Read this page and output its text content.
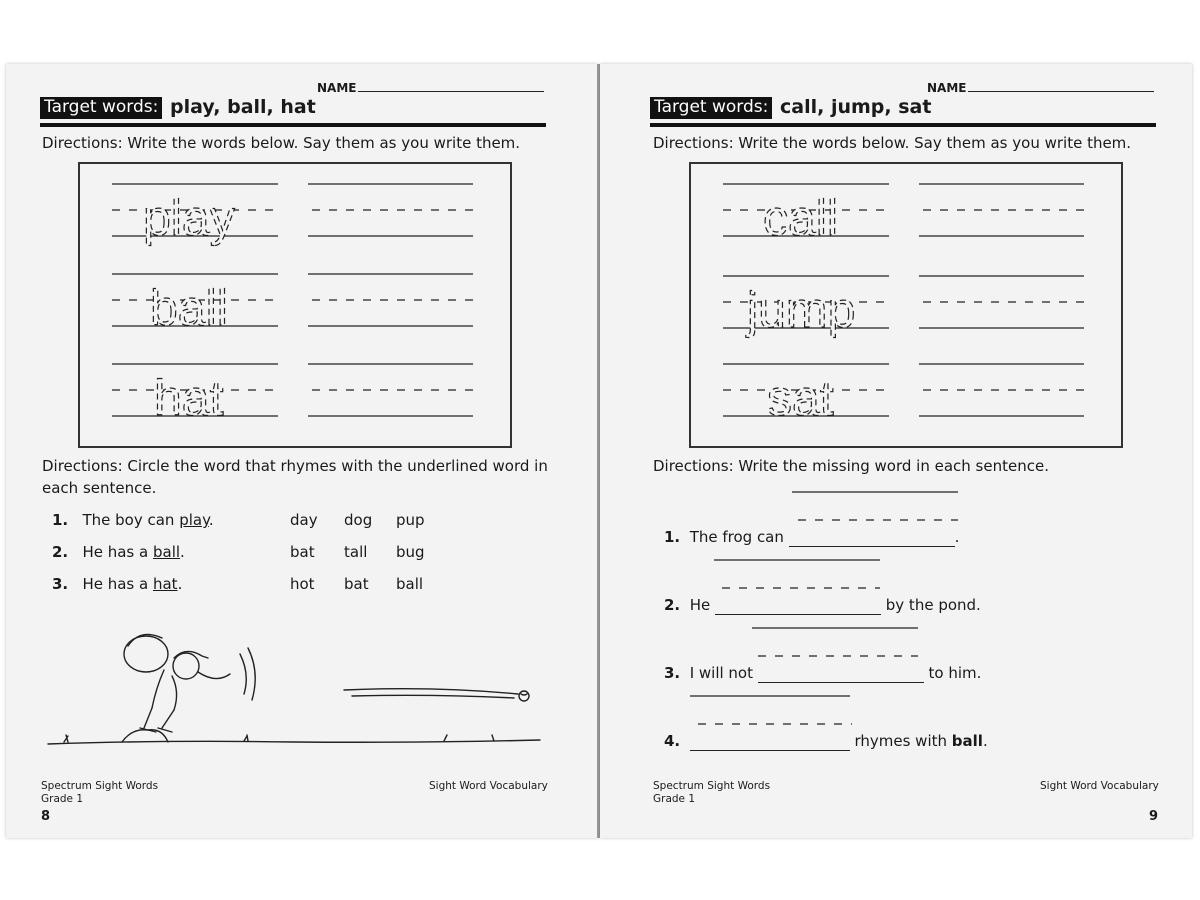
NAME
Target words: play, ball, hat
Directions: Write the words below. Say them as you write them.
play
ball
hat
Directions: Circle the word that rhymes with the underlined word in each sentence.
1. The boy can play.	day dog pup
2. He has a ball.	bat tall bug
3. He has a hat.	hot bat ball
Spectrum Sight Words
Grade 1
Sight Word Vocabulary
8
NAME
Target words: call, jump, sat
Directions: Write the words below. Say them as you write them.
call
jump
sat
Directions: Write the missing word in each sentence.
1. The frog can	.
2. He	by the pond.
3. I will not	to him.
4.	rhymes with ball.
Spectrum Sight Words
Grade 1
Sight Word Vocabulary
9
